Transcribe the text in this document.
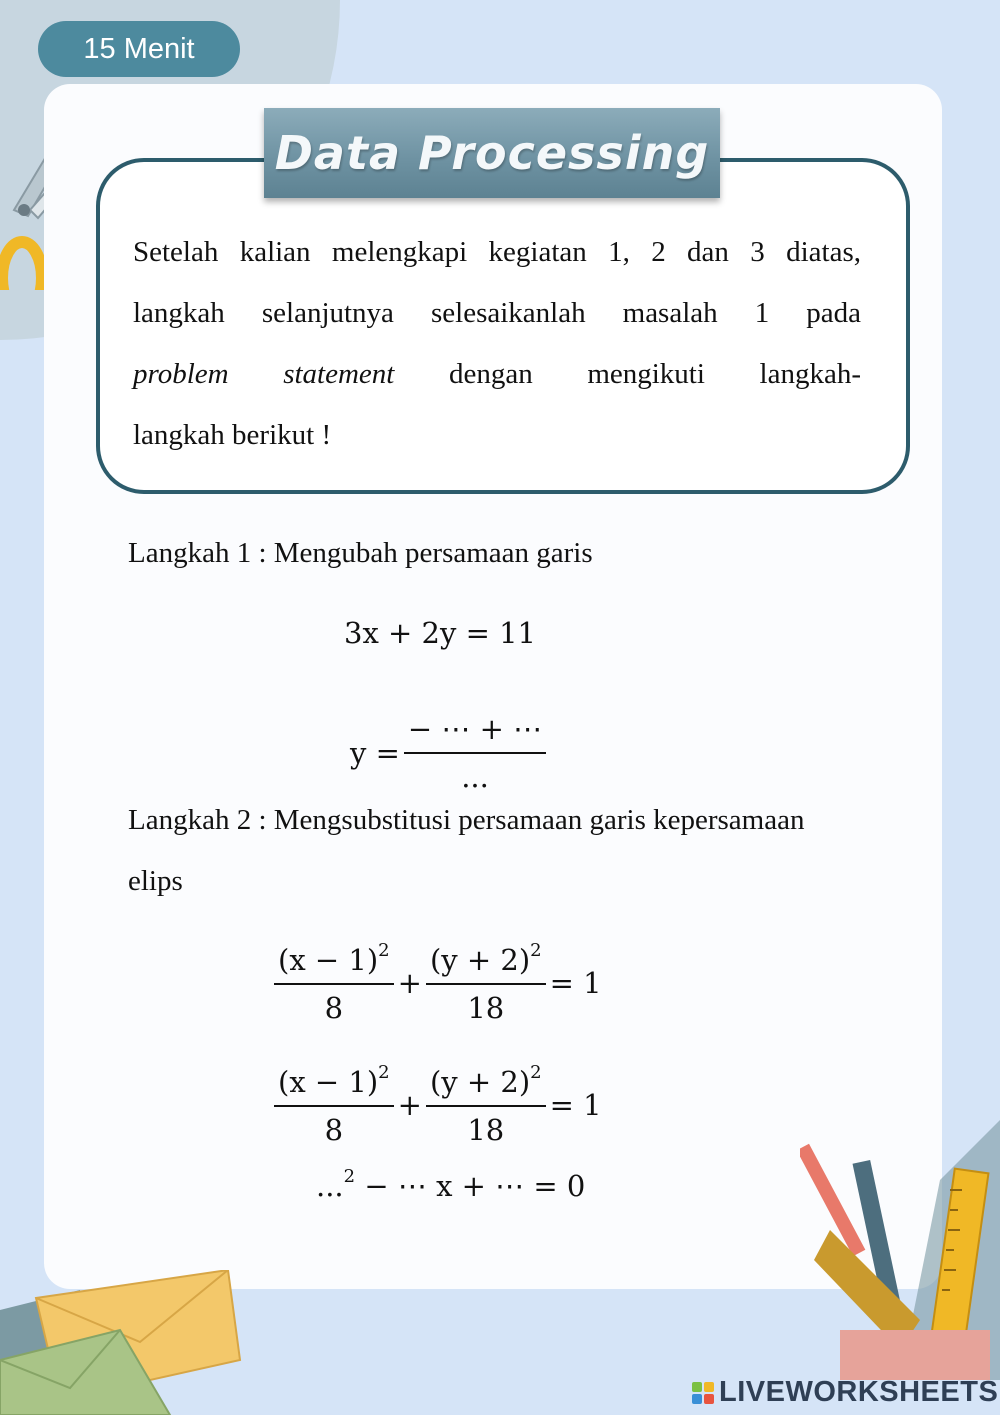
15 Menit
Data Processing
Setelah kalian melengkapi kegiatan 1, 2 dan 3 diatas,
langkah selanjutnya selesaikanlah masalah 1 pada
problem statement dengan mengikuti langkah-
langkah berikut !
Langkah 1 : Mengubah persamaan garis
3x + 2y = 11
$y = \frac{- \cdots + \cdots}{...}$
Langkah 2 : Mengsubstitusi persamaan garis kepersamaan
elips
$\frac{(x - 1)^2}{8} + \frac{(y + 2)^2}{18} = 1$
$\frac{(x - 1)^2}{8} + \frac{(y + 2)^2}{18} = 1$
...$^2$ − ⋯ x + ⋯ = 0
LIVEWORKSHEETS
